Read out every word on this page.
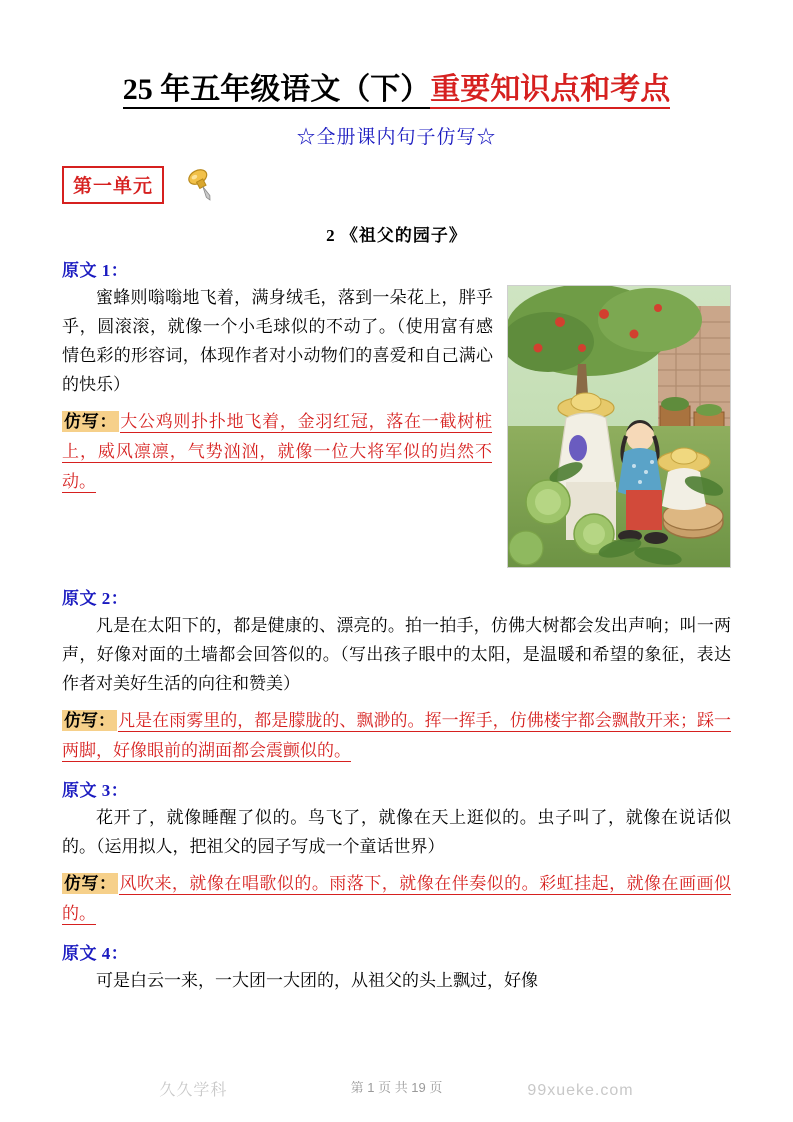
25 年五年级语文（下）重要知识点和考点
☆全册课内句子仿写☆
第一单元
2 《祖父的园子》
原文 1：

蜜蜂则嗡嗡地飞着，满身绒毛，落到一朵花上，胖乎乎，圆滚滚，就像一个小毛球似的不动了。（使用富有感情色彩的形容词，体现作者对小动物们的喜爱和自己满心的快乐）

仿写： 大公鸡则扑扑地飞着，金羽红冠，落在一截树桩上，威风凛凛，气势汹汹，就像一位大将军似的岿然不动。
原文 2：

凡是在太阳下的，都是健康的、漂亮的。拍一拍手，仿佛大树都会发出声响；叫一两声，好像对面的土墙都会回答似的。（写出孩子眼中的太阳，是温暖和希望的象征，表达作者对美好生活的向往和赞美）

仿写： 凡是在雨雾里的，都是朦胧的、飘渺的。挥一挥手，仿佛楼宇都会飘散开来；踩一两脚，好像眼前的湖面都会震颤似的。
原文 3：

花开了，就像睡醒了似的。鸟飞了，就像在天上逛似的。虫子叫了，就像在说话似的。（运用拟人，把祖父的园子写成一个童话世界）

仿写： 风吹来，就像在唱歌似的。雨落下，就像在伴奏似的。彩虹挂起，就像在画画似的。
原文 4：

可是白云一来，一大团一大团的，从祖父的头上飘过，好像

久久学科	99xueke.com
第 1 页 共 19 页
